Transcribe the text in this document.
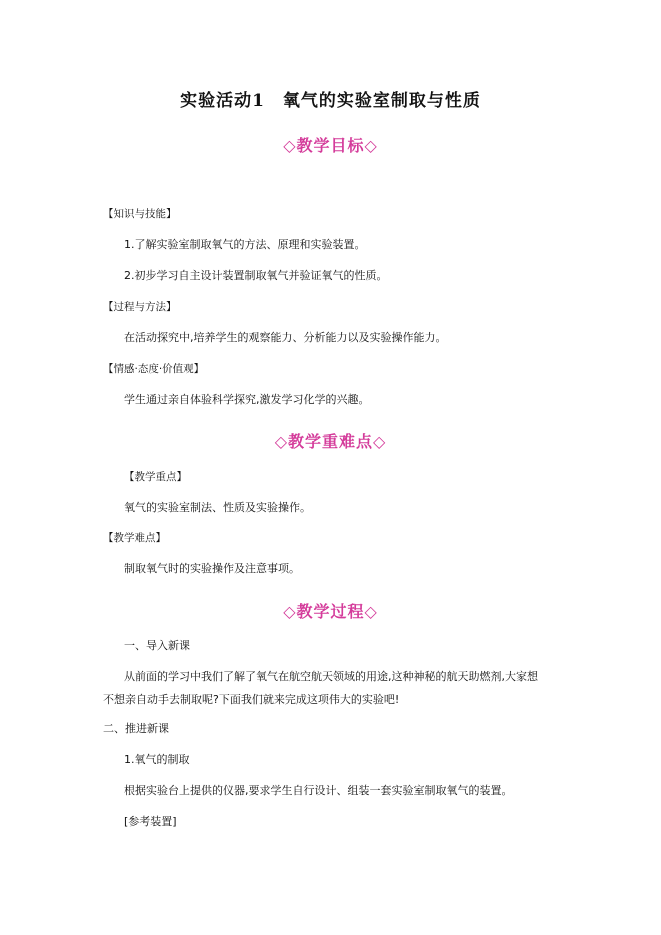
实验活动1　氧气的实验室制取与性质
◇教学目标◇
【知识与技能】
1.了解实验室制取氧气的方法、原理和实验装置。
2.初步学习自主设计装置制取氧气并验证氧气的性质。
【过程与方法】
在活动探究中,培养学生的观察能力、分析能力以及实验操作能力。
【情感·态度·价值观】
学生通过亲自体验科学探究,激发学习化学的兴趣。
◇教学重难点◇
【教学重点】
氧气的实验室制法、性质及实验操作。
【教学难点】
制取氧气时的实验操作及注意事项。
◇教学过程◇
一、导入新课
从前面的学习中我们了解了氧气在航空航天领域的用途,这种神秘的航天助燃剂,大家想不想亲自动手去制取呢?下面我们就来完成这项伟大的实验吧!
二、推进新课
1.氧气的制取
根据实验台上提供的仪器,要求学生自行设计、组装一套实验室制取氧气的装置。
[参考装置]
